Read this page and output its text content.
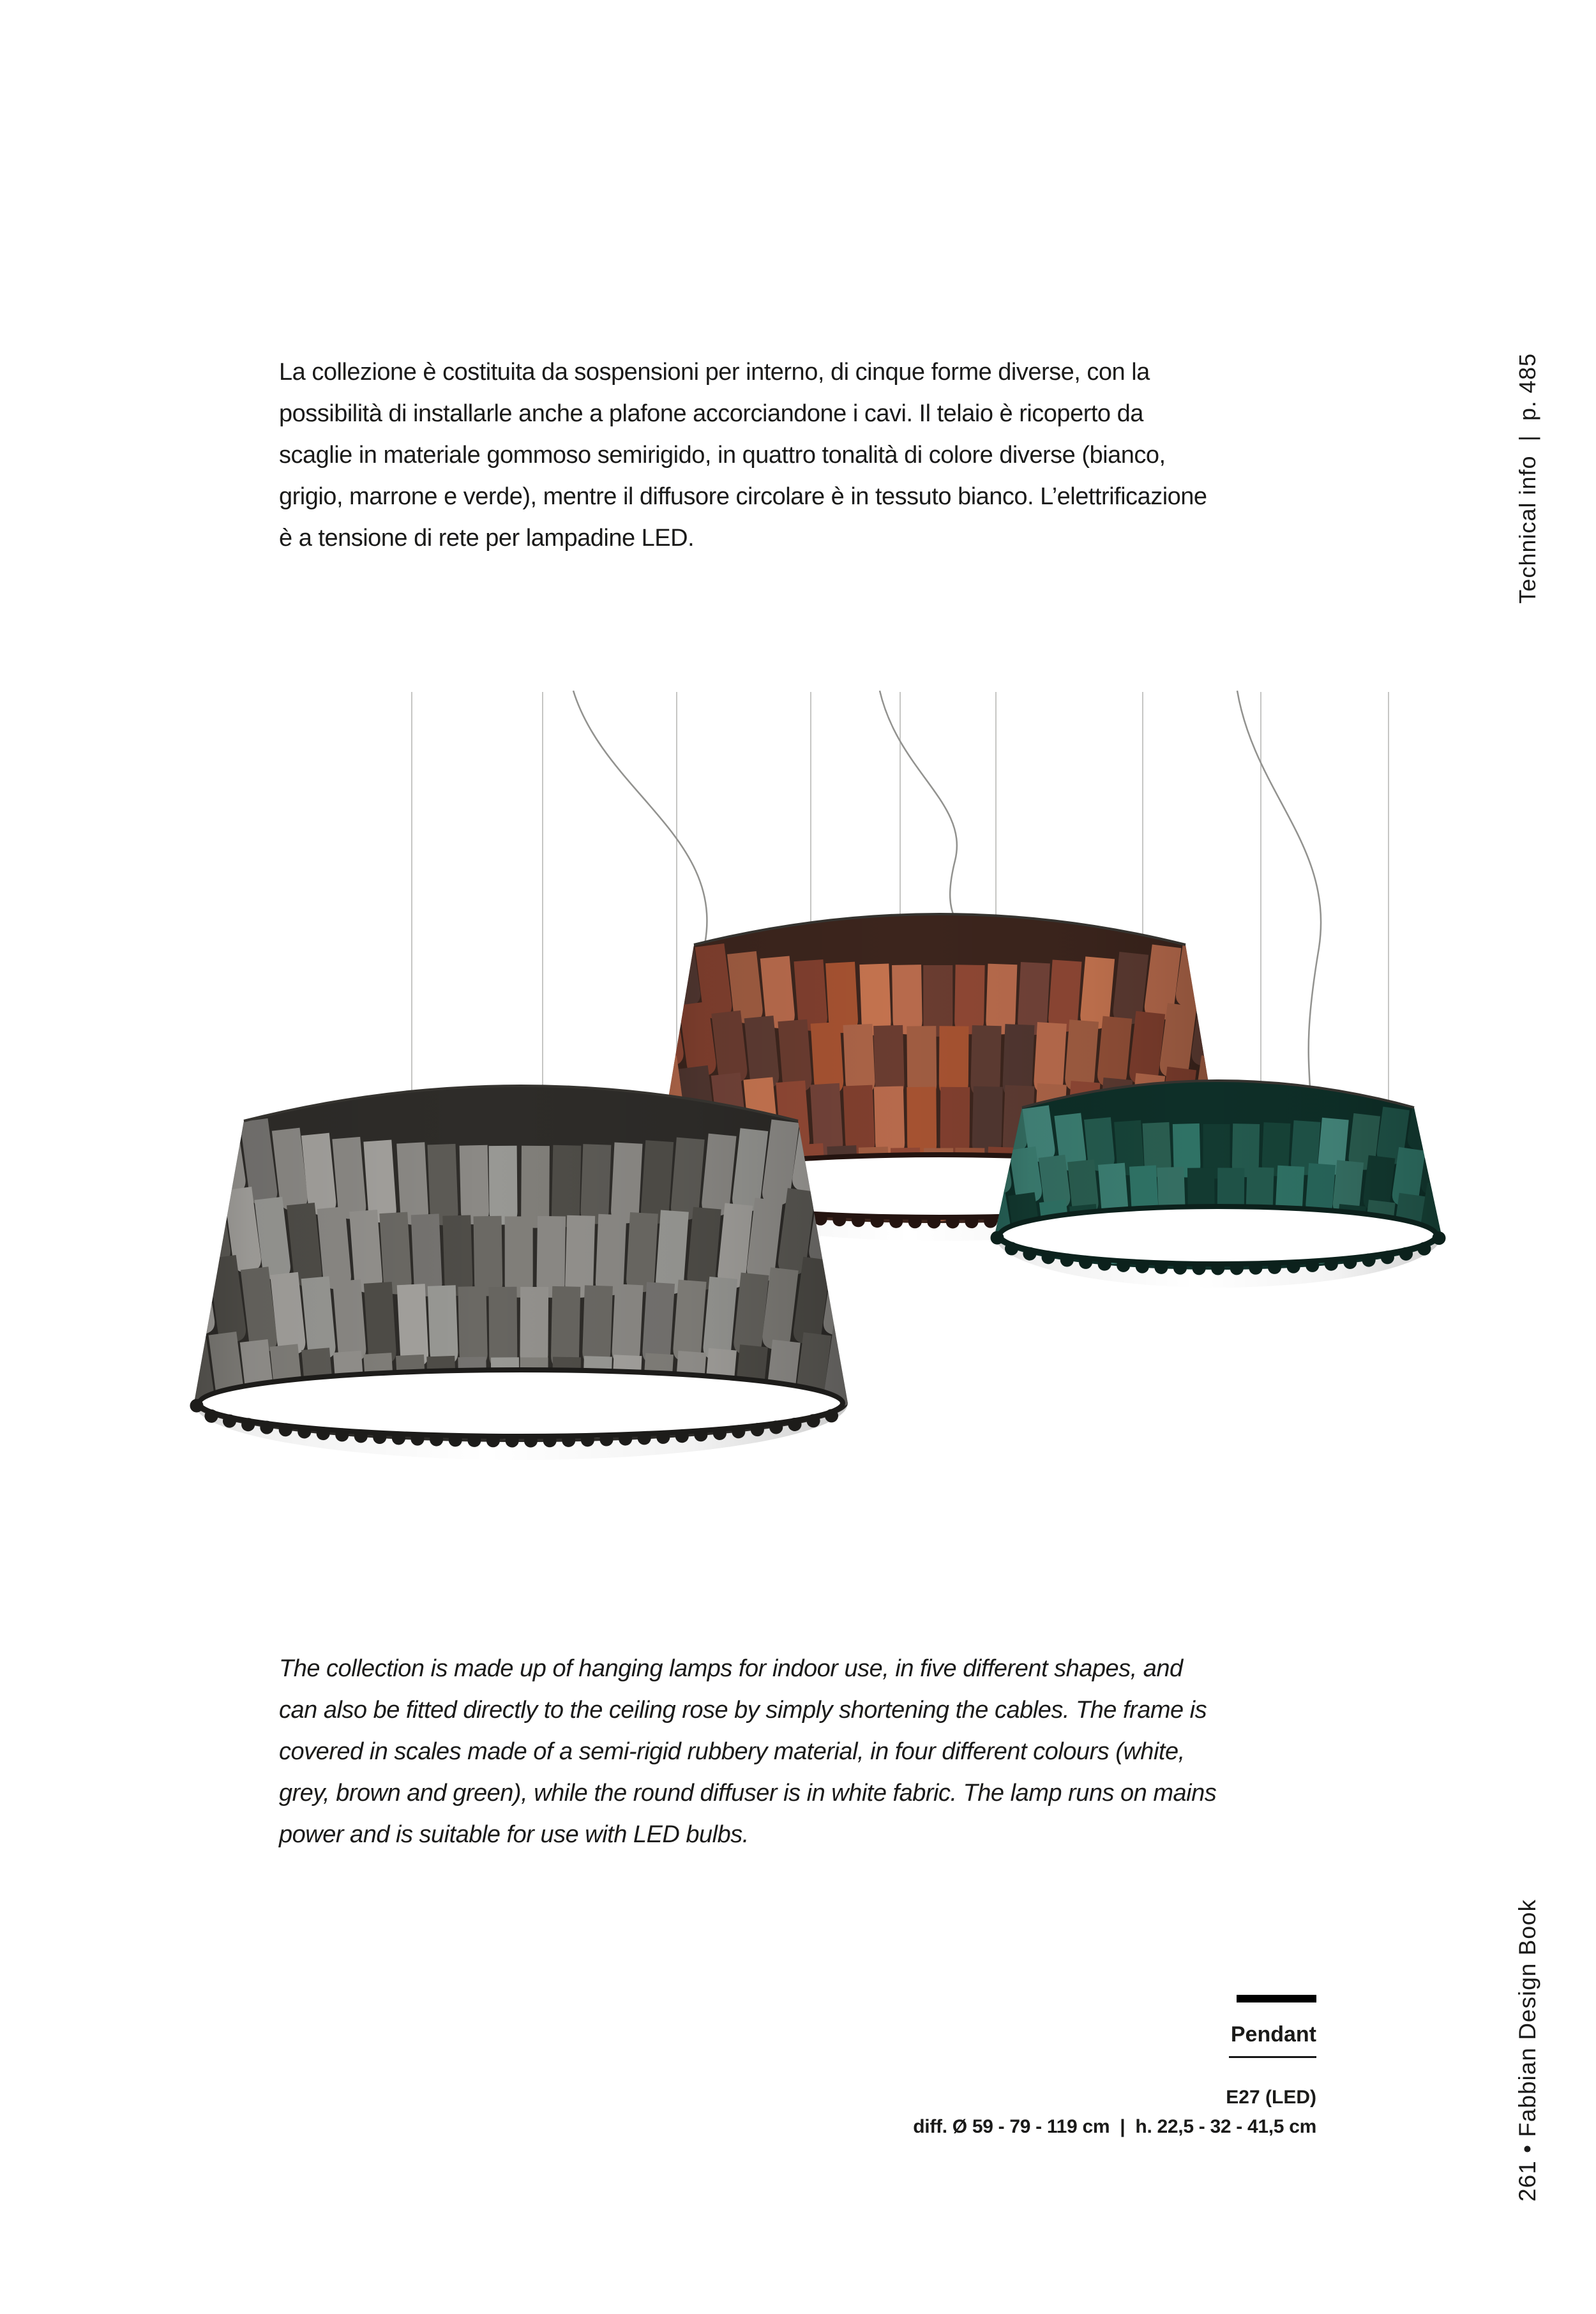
La collezione è costituita da sospensioni per interno, di cinque forme diverse, con la possibilità di installarle anche a plafone accorciandone i cavi. Il telaio è ricoperto da scaglie in materiale gommoso semirigido, in quattro tonalità di colore diverse (bianco, grigio, marrone e verde), mentre il diffusore circolare è in tessuto bianco. L’elettrificazione è a tensione di rete per lampadine LED.	Technical info  |  p. 485
The collection is made up of hanging lamps for indoor use, in five different shapes, and can also be fitted directly to the ceiling rose by simply shortening the cables. The frame is covered in scales made of a semi-rigid rubbery material, in four different colours (white, grey, brown and green), while the round diffuser is in white fabric. The lamp runs on mains power and is suitable for use with LED bulbs.
Pendant
E27 (LED)
diff. Ø 59 - 79 - 119 cm  |  h. 22,5 - 32 - 41,5 cm	261 • Fabbian Design Book
